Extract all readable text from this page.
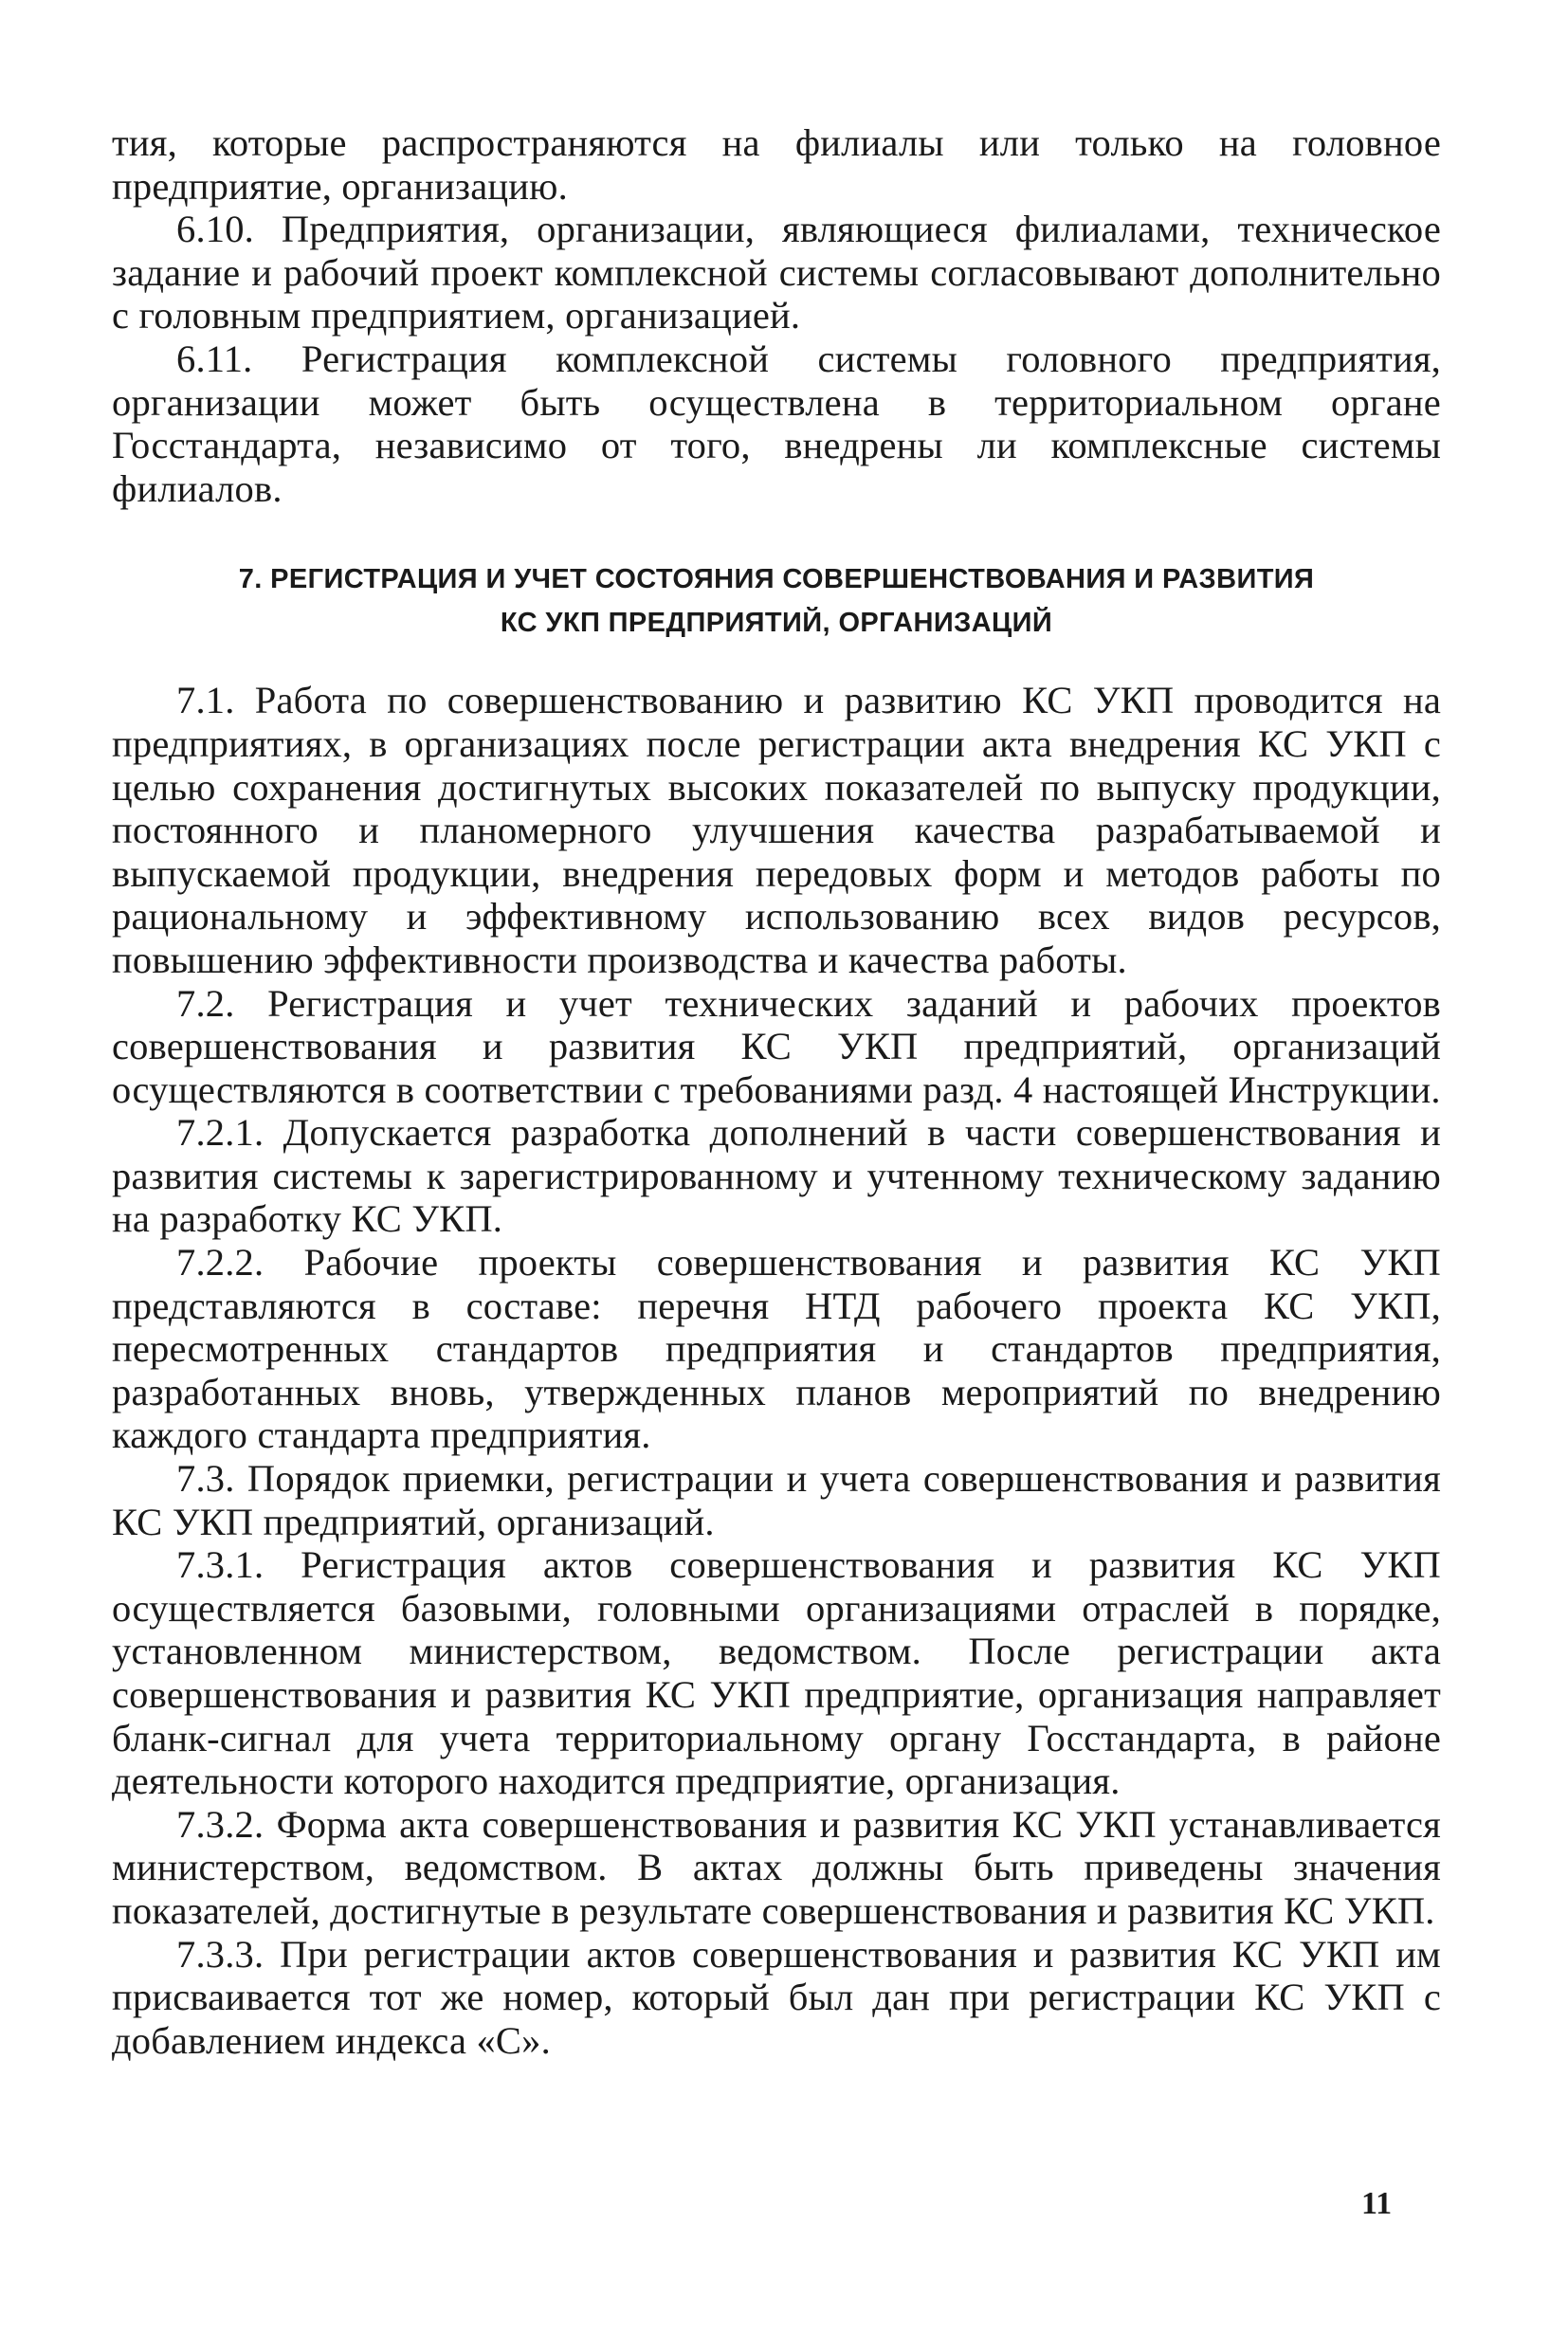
тия, которые распространяются на филиалы или только на головное предприятие, организацию.

6.10. Предприятия, организации, являющиеся филиалами, техническое задание и рабочий проект комплексной системы согласовывают дополнительно с головным предприятием, организацией.

6.11. Регистрация комплексной системы головного предприятия, организации может быть осуществлена в территориальном органе Госстандарта, независимо от того, внедрены ли комплексные системы филиалов.

7. РЕГИСТРАЦИЯ И УЧЕТ СОСТОЯНИЯ СОВЕРШЕНСТВОВАНИЯ И РАЗВИТИЯ
КС УКП ПРЕДПРИЯТИЙ, ОРГАНИЗАЦИЙ

7.1. Работа по совершенствованию и развитию КС УКП проводится на предприятиях, в организациях после регистрации акта внедрения КС УКП с целью сохранения достигнутых высоких показателей по выпуску продукции, постоянного и планомерного улучшения качества разрабатываемой и выпускаемой продукции, внедрения передовых форм и методов работы по рациональному и эффективному использованию всех видов ресурсов, повышению эффективности производства и качества работы.

7.2. Регистрация и учет технических заданий и рабочих проектов совершенствования и развития КС УКП предприятий, организаций осуществляются в соответствии с требованиями разд. 4 настоящей Инструкции.

7.2.1. Допускается разработка дополнений в части совершенствования и развития системы к зарегистрированному и учтенному техническому заданию на разработку КС УКП.

7.2.2. Рабочие проекты совершенствования и развития КС УКП представляются в составе: перечня НТД рабочего проекта КС УКП, пересмотренных стандартов предприятия и стандартов предприятия, разработанных вновь, утвержденных планов мероприятий по внедрению каждого стандарта предприятия.

7.3. Порядок приемки, регистрации и учета совершенствования и развития КС УКП предприятий, организаций.

7.3.1. Регистрация актов совершенствования и развития КС УКП осуществляется базовыми, головными организациями отраслей в порядке, установленном министерством, ведомством. После регистрации акта совершенствования и развития КС УКП предприятие, организация направляет бланк-сигнал для учета территориальному органу Госстандарта, в районе деятельности которого находится предприятие, организация.

7.3.2. Форма акта совершенствования и развития КС УКП устанавливается министерством, ведомством. В актах должны быть приведены значения показателей, достигнутые в результате совершенствования и развития КС УКП.

7.3.3. При регистрации актов совершенствования и развития КС УКП им присваивается тот же номер, который был дан при регистрации КС УКП с добавлением индекса «С».

11
